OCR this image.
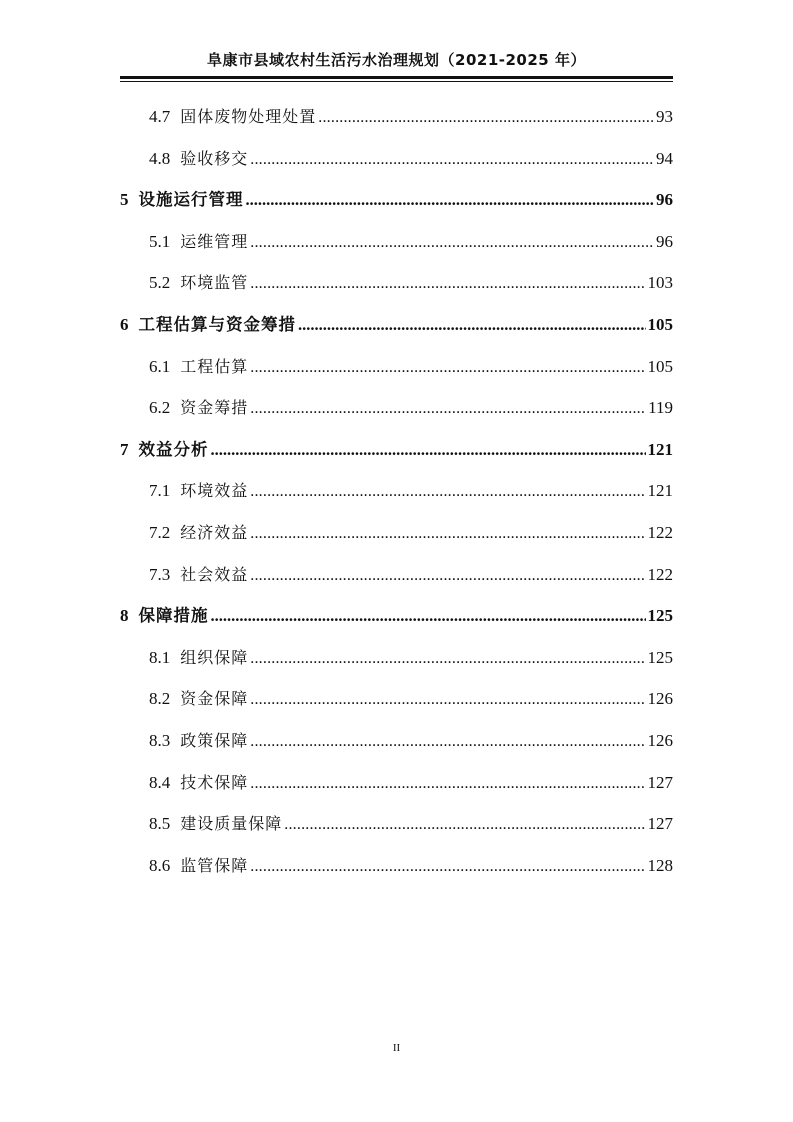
阜康市县域农村生活污水治理规划（2021-2025 年）
4.7 固体废物处理处置 .....	93
4.8 验收移交 .....	94
5 设施运行管理 .....	96
5.1 运维管理 .....	96
5.2 环境监管 .....	103
6 工程估算与资金筹措 .....	105
6.1 工程估算 .....	105
6.2 资金筹措 .....	119
7 效益分析 .....	121
7.1 环境效益 .....	121
7.2 经济效益 .....	122
7.3 社会效益 .....	122
8 保障措施 .....	125
8.1 组织保障 .....	125
8.2 资金保障 .....	126
8.3 政策保障 .....	126
8.4 技术保障 .....	127
8.5 建设质量保障 .....	127
8.6 监管保障 .....	128
II
